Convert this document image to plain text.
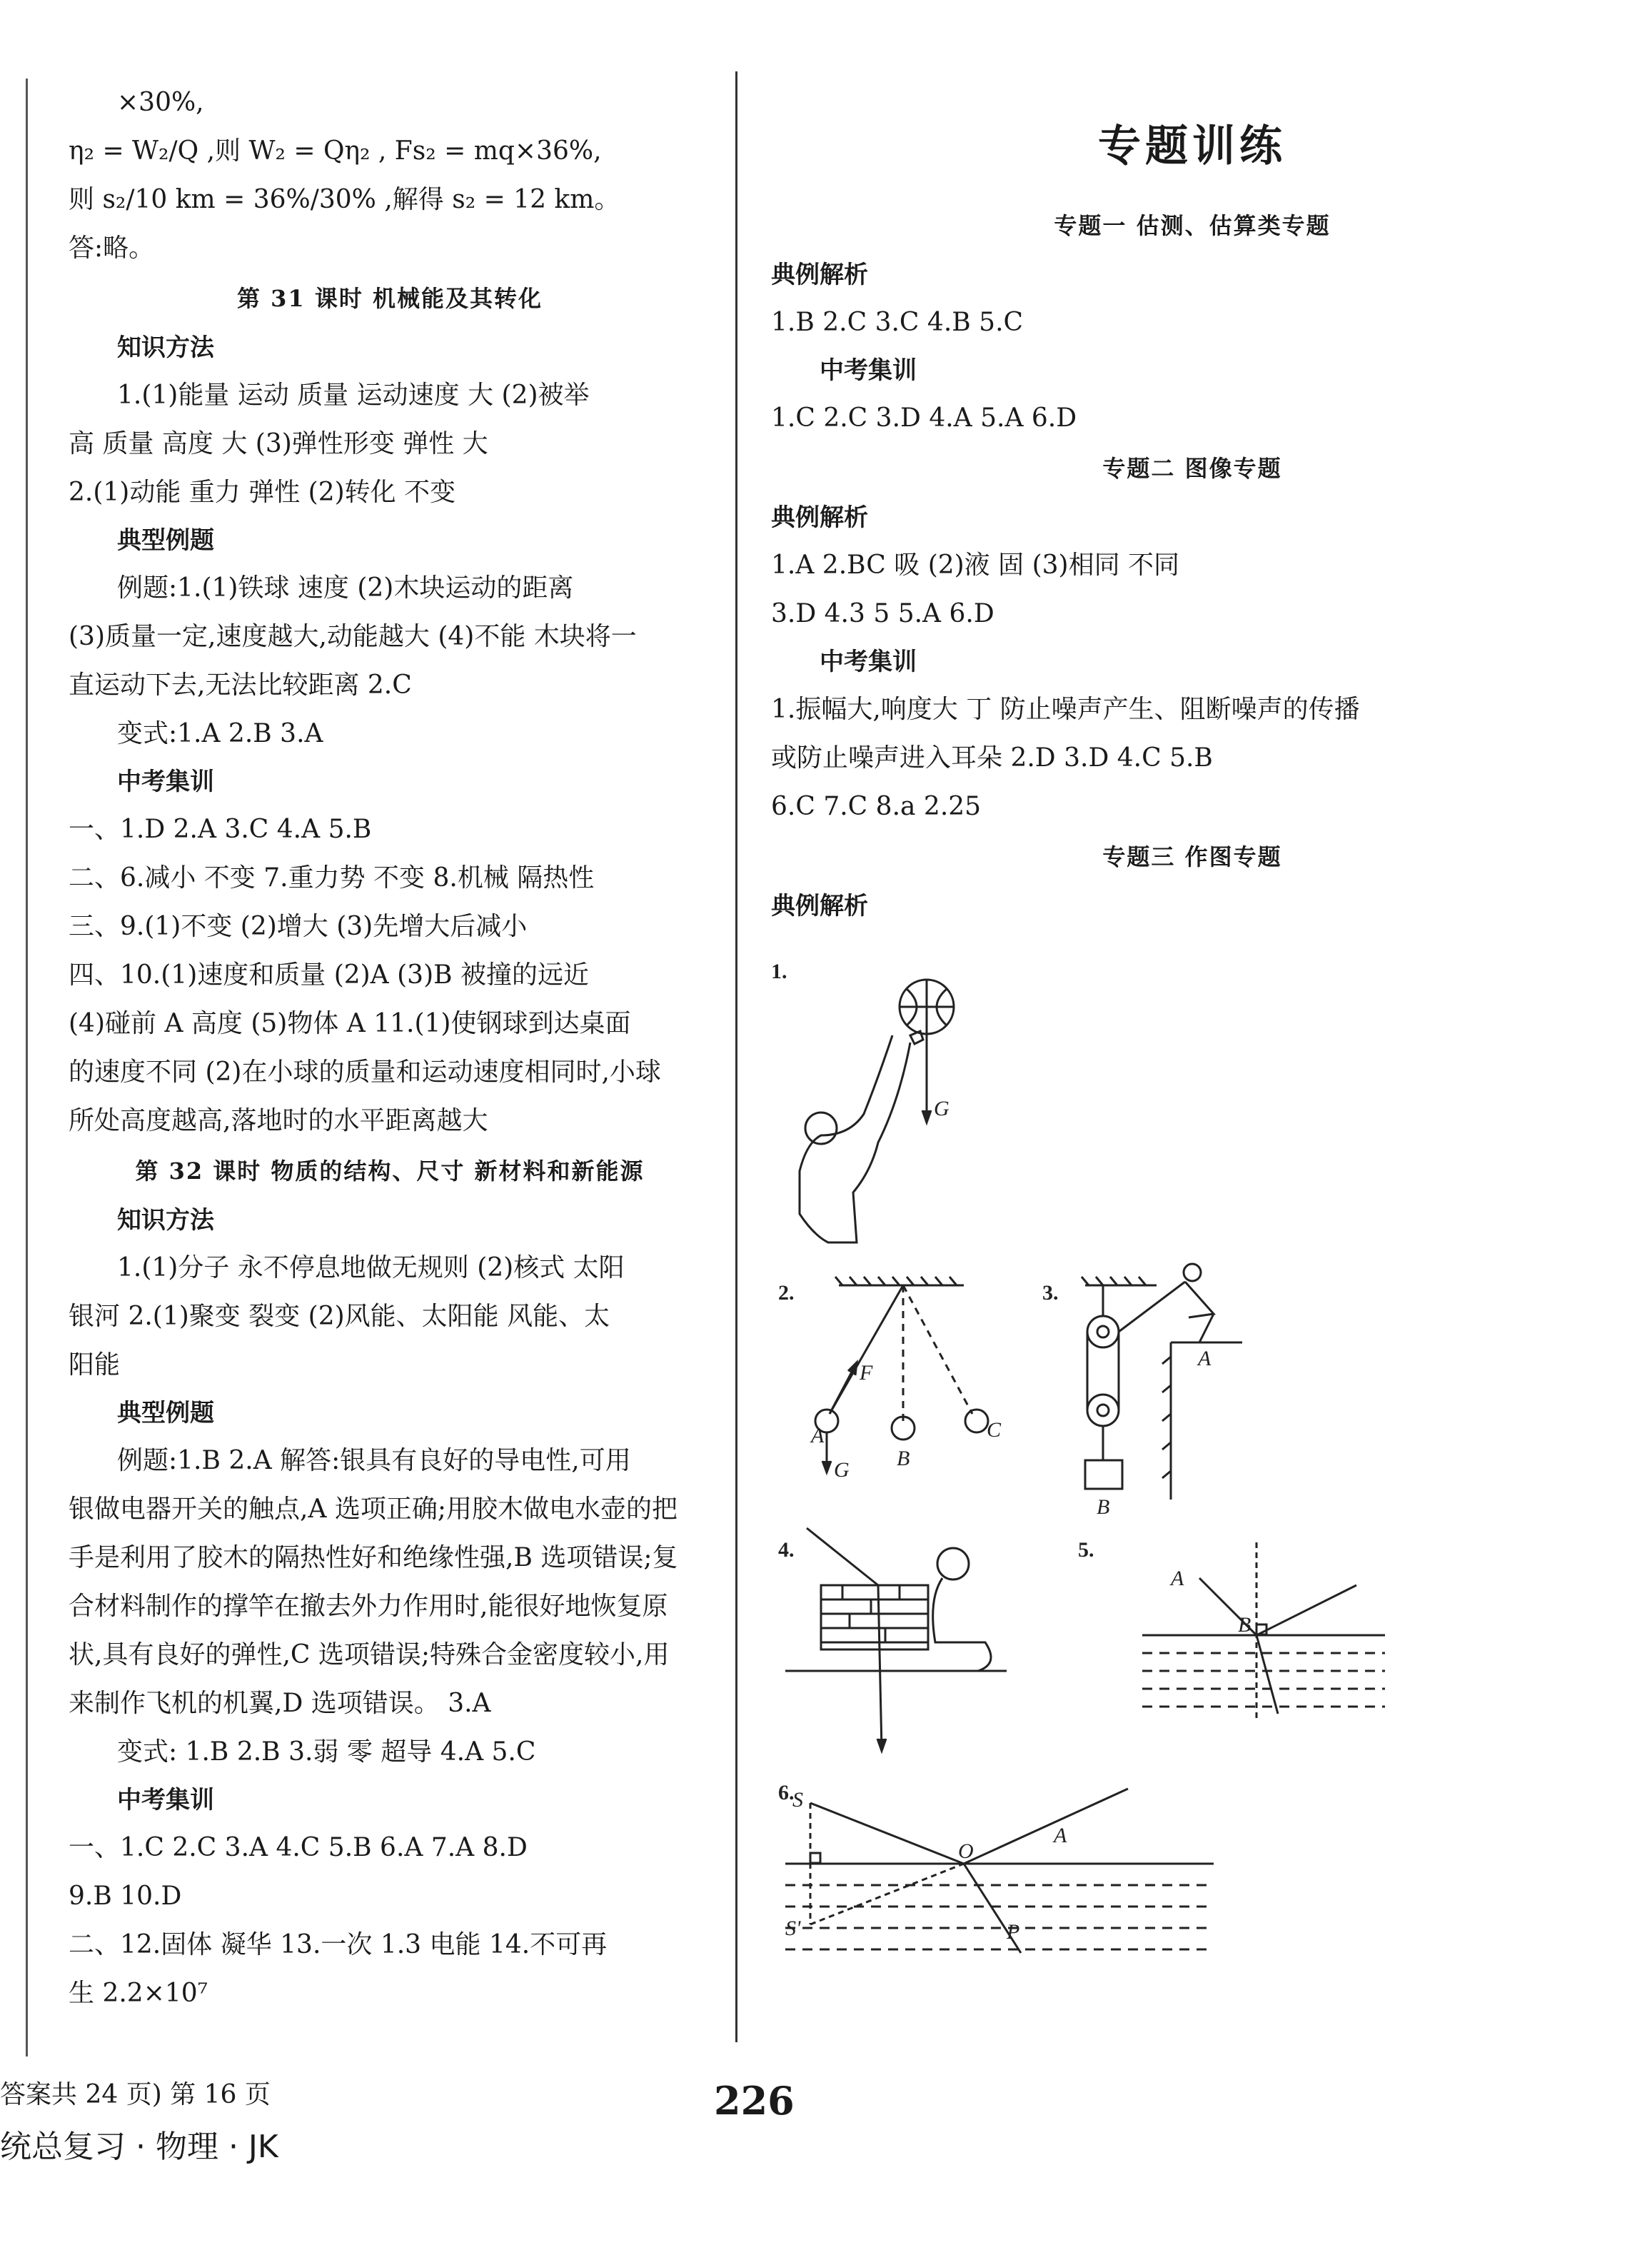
×30%,
η₂ = W₂/Q ,则 W₂ = Qη₂ , Fs₂ = mq×36%,
则 s₂/10 km = 36%/30% ,解得 s₂ = 12 km。
答:略。
第 31 课时 机械能及其转化
知识方法
1.(1)能量 运动 质量 运动速度 大 (2)被举
高 质量 高度 大 (3)弹性形变 弹性 大
2.(1)动能 重力 弹性 (2)转化 不变
典型例题
例题:1.(1)铁球 速度 (2)木块运动的距离
(3)质量一定,速度越大,动能越大 (4)不能 木块将一
直运动下去,无法比较距离 2.C
变式:1.A 2.B 3.A
中考集训
一、1.D 2.A 3.C 4.A 5.B
二、6.减小 不变 7.重力势 不变 8.机械 隔热性
三、9.(1)不变 (2)增大 (3)先增大后减小
四、10.(1)速度和质量 (2)A (3)B 被撞的远近
(4)碰前 A 高度 (5)物体 A 11.(1)使钢球到达桌面
的速度不同 (2)在小球的质量和运动速度相同时,小球
所处高度越高,落地时的水平距离越大
第 32 课时 物质的结构、尺寸 新材料和新能源
知识方法
1.(1)分子 永不停息地做无规则 (2)核式 太阳
银河 2.(1)聚变 裂变 (2)风能、太阳能 风能、太
阳能
典型例题
例题:1.B 2.A 解答:银具有良好的导电性,可用
银做电器开关的触点,A 选项正确;用胶木做电水壶的把
手是利用了胶木的隔热性好和绝缘性强,B 选项错误;复
合材料制作的撑竿在撤去外力作用时,能很好地恢复原
状,具有良好的弹性,C 选项错误;特殊合金密度较小,用
来制作飞机的机翼,D 选项错误。 3.A
变式: 1.B 2.B 3.弱 零 超导 4.A 5.C
中考集训
一、1.C 2.C 3.A 4.C 5.B 6.A 7.A 8.D
9.B 10.D
二、12.固体 凝华 13.一次 1.3 电能 14.不可再
生 2.2×10⁷
专题训练
专题一 估测、估算类专题
典例解析
1.B 2.C 3.C 4.B 5.C
中考集训
1.C 2.C 3.D 4.A 5.A 6.D
专题二 图像专题
典例解析
1.A 2.BC 吸 (2)液 固 (3)相同 不同
3.D 4.3 5 5.A 6.D
中考集训
1.振幅大,响度大 丁 防止噪声产生、阻断噪声的传播
或防止噪声进入耳朵 2.D 3.D 4.C 5.B
6.C 7.C 8.a 2.25
专题三 作图专题
典例解析
1.
G
2.
F
A
B
C
G
3.
A
B
4.	5.
A
B
6.
S
O
A
S'	P
答案共 24 页) 第 16 页	226
统总复习 · 物理 · JK
